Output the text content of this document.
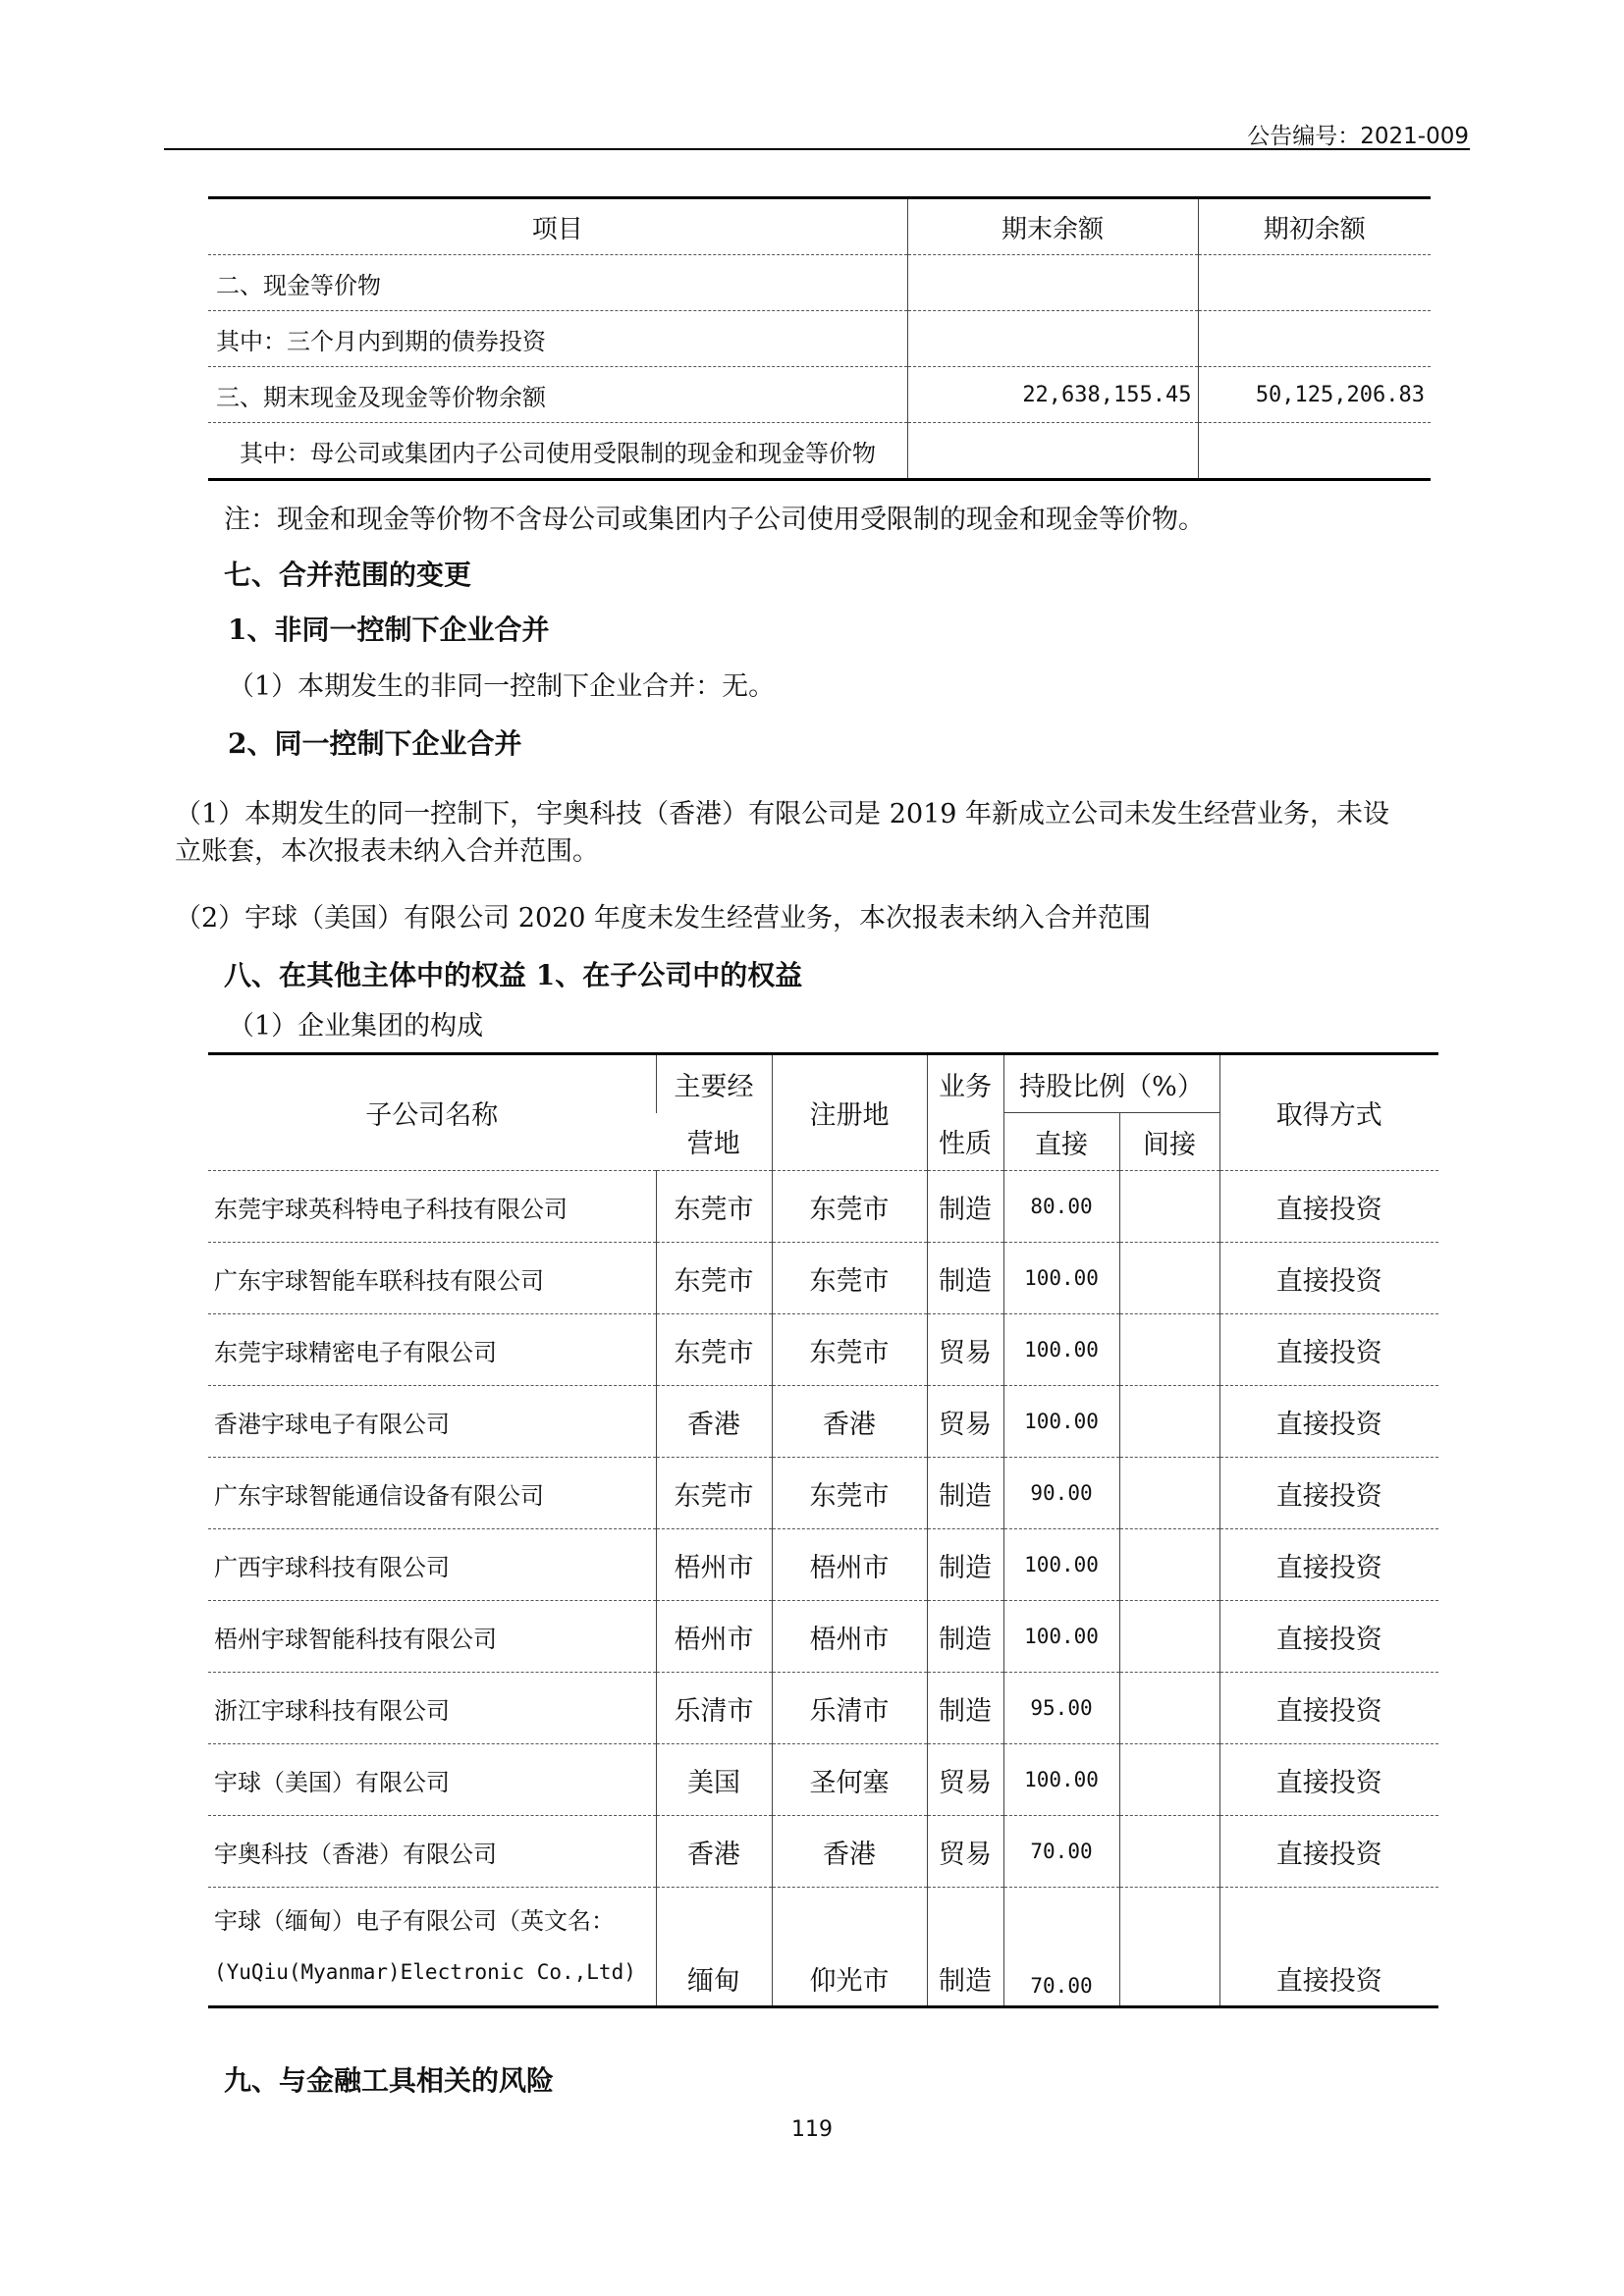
公告编号：2021-009
项目	期末余额	期初余额
二、现金等价物		
其中：三个月内到期的债券投资		
三、期末现金及现金等价物余额	22,638,155.45	50,125,206.83
其中：母公司或集团内子公司使用受限制的现金和现金等价物		
注：现金和现金等价物不含母公司或集团内子公司使用受限制的现金和现金等价物。
七、合并范围的变更
1、非同一控制下企业合并
（1）本期发生的非同一控制下企业合并：无。
2、同一控制下企业合并
（1）本期发生的同一控制下，宇奥科技（香港）有限公司是 2019 年新成立公司未发生经营业务，未设
立账套，本次报表未纳入合并范围。
（2）宇球（美国）有限公司 2020 年度未发生经营业务，本次报表未纳入合并范围
八、在其他主体中的权益 1、在子公司中的权益
（1）企业集团的构成
子公司名称	主要经	注册地	业务	持股比例（%）		取得方式
	营地		性质	直接	间接	
东莞宇球英科特电子科技有限公司	东莞市	东莞市	制造	80.00		直接投资
广东宇球智能车联科技有限公司	东莞市	东莞市	制造	100.00		直接投资
东莞宇球精密电子有限公司	东莞市	东莞市	贸易	100.00		直接投资
香港宇球电子有限公司	香港	香港	贸易	100.00		直接投资
广东宇球智能通信设备有限公司	东莞市	东莞市	制造	90.00		直接投资
广西宇球科技有限公司	梧州市	梧州市	制造	100.00		直接投资
梧州宇球智能科技有限公司	梧州市	梧州市	制造	100.00		直接投资
浙江宇球科技有限公司	乐清市	乐清市	制造	95.00		直接投资
宇球（美国）有限公司	美国	圣何塞	贸易	100.00		直接投资
宇奥科技（香港）有限公司	香港	香港	贸易	70.00		直接投资

宇球（缅甸）电子有限公司（英文名：
(YuQiu(Myanmar)Electronic Co.,Ltd)	缅甸	仰光市	制造	70.00		直接投资
九、与金融工具相关的风险
119
